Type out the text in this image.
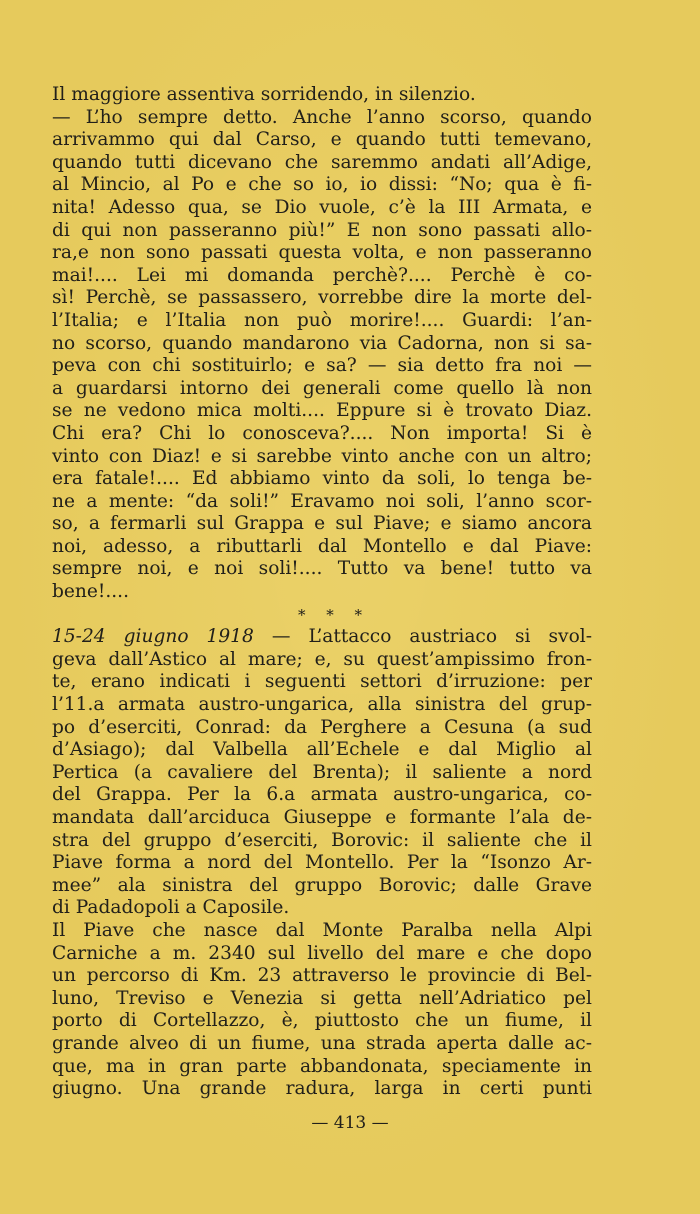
Il maggiore assentiva sorridendo, in silenzio.
— L’ho sempre detto. Anche l’anno scorso, quando
arrivammo qui dal Carso, e quando tutti temevano,
quando tutti dicevano che saremmo andati all’Adige,
al Mincio, al Po e che so io, io dissi: “No; qua è fi-
nita! Adesso qua, se Dio vuole, c’è la III Armata, e
di qui non passeranno più!” E non sono passati allo-
ra,e non sono passati questa volta, e non passeranno
mai!.... Lei mi domanda perchè?.... Perchè è co-
sì! Perchè, se passassero, vorrebbe dire la morte del-
l’Italia; e l’Italia non può morire!.... Guardi: l’an-
no scorso, quando mandarono via Cadorna, non si sa-
peva con chi sostituirlo; e sa? — sia detto fra noi —
a guardarsi intorno dei generali come quello là non
se ne vedono mica molti.... Eppure si è trovato Diaz.
Chi era? Chi lo conosceva?.... Non importa! Si è
vinto con Diaz! e si sarebbe vinto anche con un altro;
era fatale!.... Ed abbiamo vinto da soli, lo tenga be-
ne a mente: “da soli!” Eravamo noi soli, l’anno scor-
so, a fermarli sul Grappa e sul Piave; e siamo ancora
noi, adesso, a ributtarli dal Montello e dal Piave:
sempre noi, e noi soli!.... Tutto va bene! tutto va
bene!....
* * *
15-24 giugno 1918 — L’attacco austriaco si svol-
geva dall’Astico al mare; e, su quest’ampissimo fron-
te, erano indicati i seguenti settori d’irruzione: per
l’11.a armata austro-ungarica, alla sinistra del grup-
po d’eserciti, Conrad: da Perghere a Cesuna (a sud
d’Asiago); dal Valbella all’Echele e dal Miglio al
Pertica (a cavaliere del Brenta); il saliente a nord
del Grappa. Per la 6.a armata austro-ungarica, co-
mandata dall’arciduca Giuseppe e formante l’ala de-
stra del gruppo d’eserciti, Borovic: il saliente che il
Piave forma a nord del Montello. Per la “Isonzo Ar-
mee” ala sinistra del gruppo Borovic; dalle Grave
di Padadopoli a Caposile.
Il Piave che nasce dal Monte Paralba nella Alpi
Carniche a m. 2340 sul livello del mare e che dopo
un percorso di Km. 23 attraverso le provincie di Bel-
luno, Treviso e Venezia si getta nell’Adriatico pel
porto di Cortellazzo, è, piuttosto che un fiume, il
grande alveo di un fiume, una strada aperta dalle ac-
que, ma in gran parte abbandonata, speciamente in
giugno. Una grande radura, larga in certi punti
— 413 —
